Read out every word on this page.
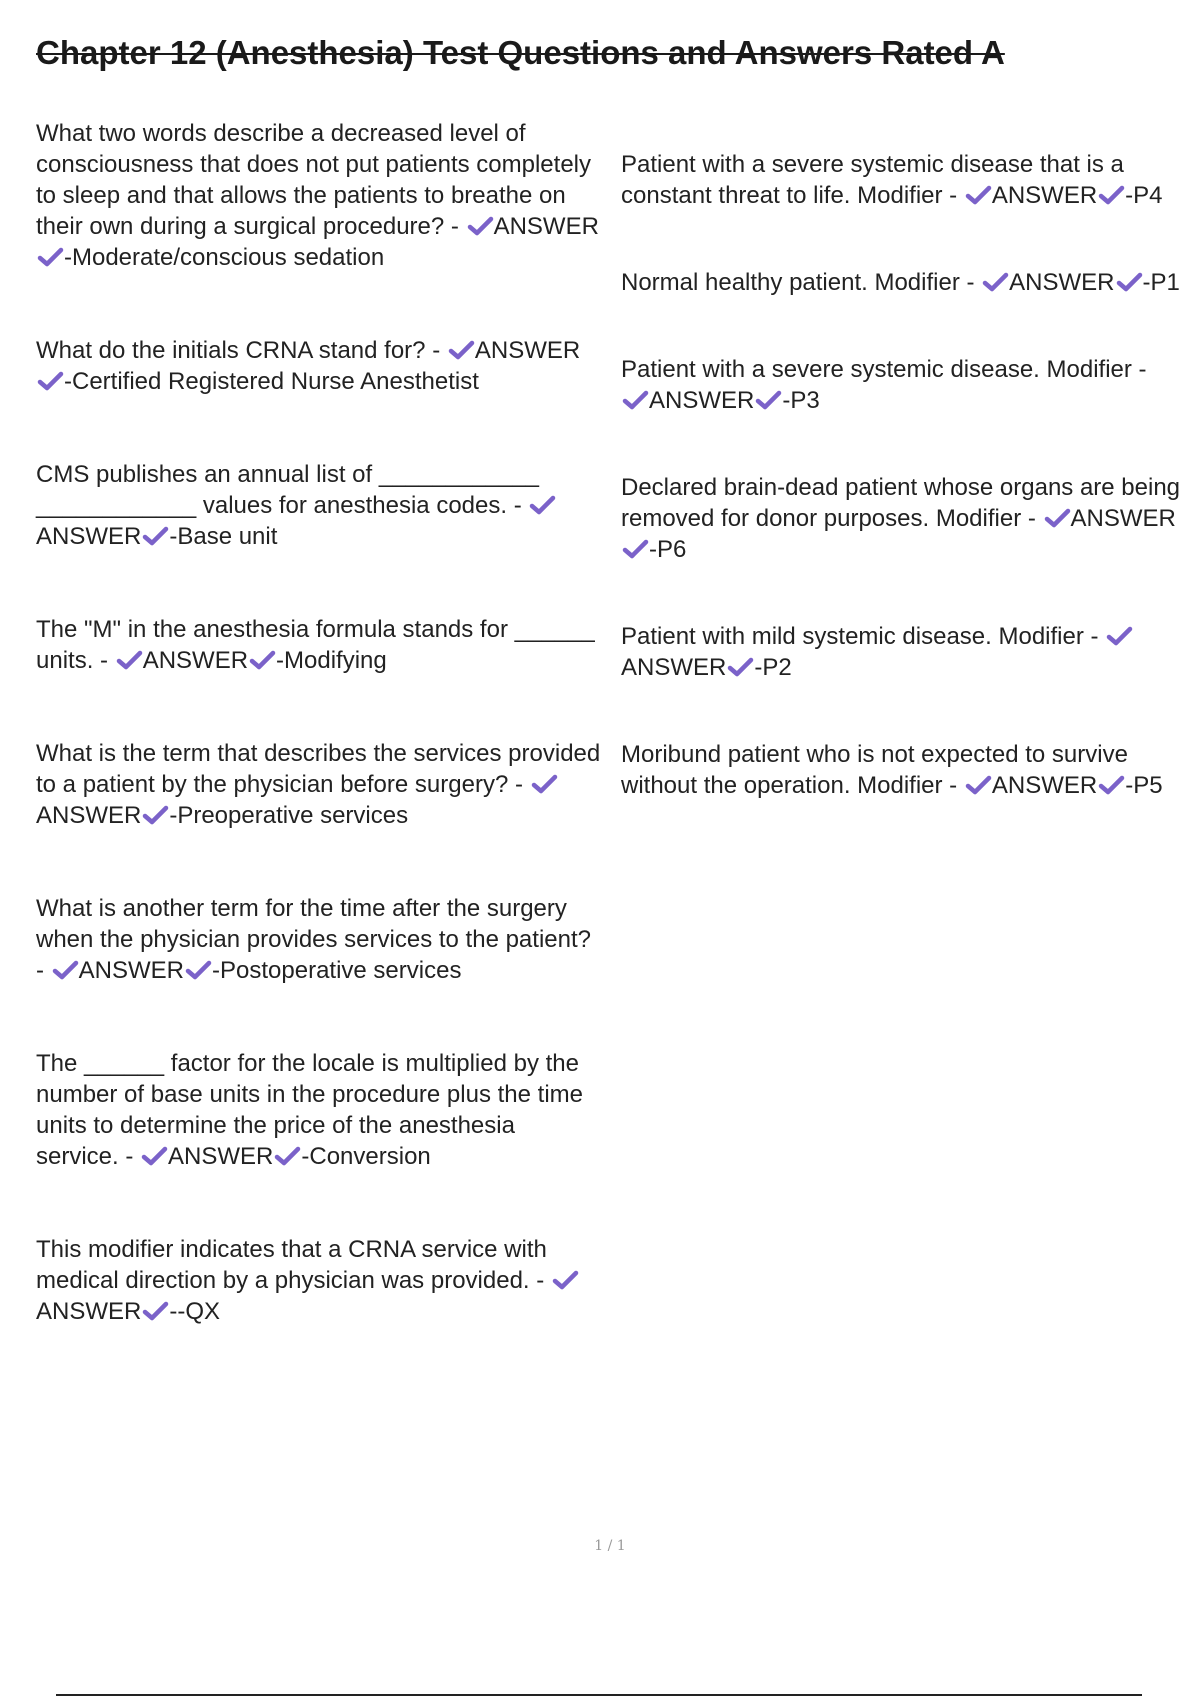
Chapter 12 (Anesthesia) Test Questions and Answers Rated A

What two words describe a decreased level of consciousness that does not put patients completely to sleep and that allows the patients to breathe on their own during a surgical procedure? - ANSWER
-Moderate/conscious sedation

What do the initials CRNA stand for? - ANSWER
-Certified Registered Nurse Anesthetist

CMS publishes an annual list of ____________ ____________ values for anesthesia codes. -
ANSWER -Base unit

The "M" in the anesthesia formula stands for ______ units. - ANSWER -Modifying

What is the term that describes the services provided to a patient by the physician before surgery? -
ANSWER -Preoperative services

What is another term for the time after the surgery when the physician provides services to the patient? - ANSWER -Postoperative services

The ______ factor for the locale is multiplied by the number of base units in the procedure plus the time units to determine the price of the anesthesia service. - ANSWER -Conversion

This modifier indicates that a CRNA service with medical direction by a physician was provided. -
ANSWER --QX

Patient with a severe systemic disease that is a constant threat to life. Modifier - ANSWER -P4

Normal healthy patient. Modifier - ANSWER -P1

Patient with a severe systemic disease. Modifier -
ANSWER -P3

Declared brain-dead patient whose organs are being removed for donor purposes. Modifier - ANSWER
-P6

Patient with mild systemic disease. Modifier -
ANSWER -P2

Moribund patient who is not expected to survive without the operation. Modifier - ANSWER -P5

1 / 1
